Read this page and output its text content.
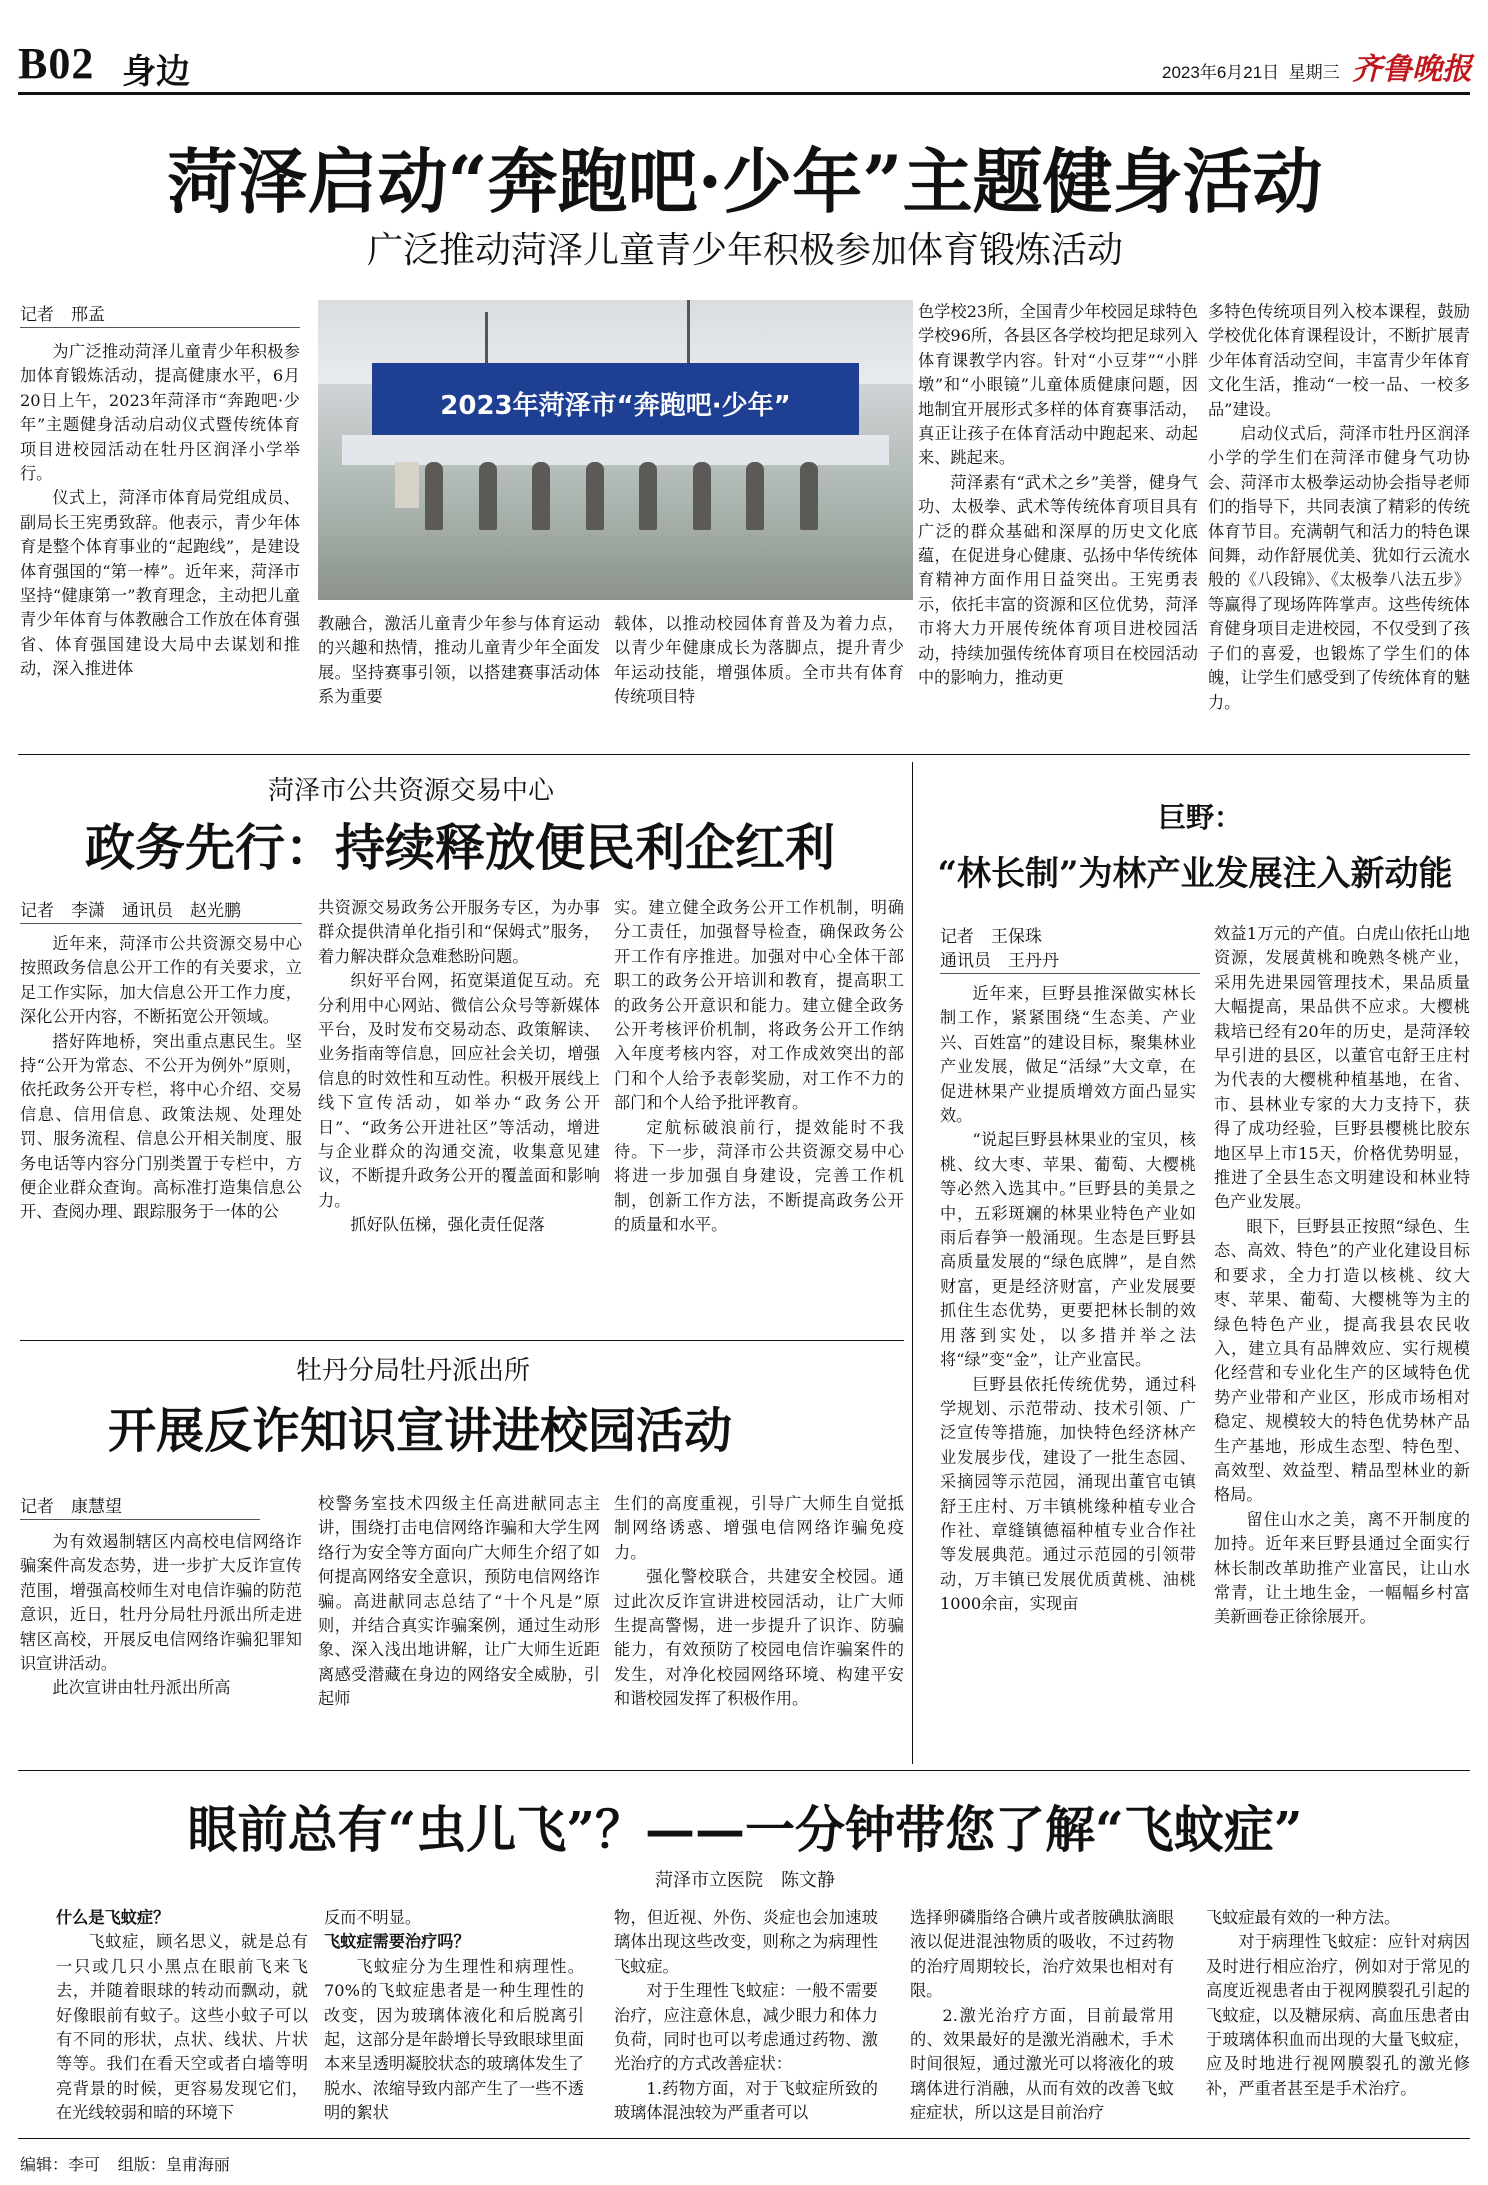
B02 身边	2023年6月21日 星期三 齐鲁晚报
菏泽启动“奔跑吧·少年”主题健身活动
广泛推动菏泽儿童青少年积极参加体育锻炼活动
记者　邢孟

为广泛推动菏泽儿童青少年积极参加体育锻炼活动，提高健康水平，6月20日上午，2023年菏泽市“奔跑吧·少年”主题健身活动启动仪式暨传统体育项目进校园活动在牡丹区润泽小学举行。

仪式上，菏泽市体育局党组成员、副局长王宪勇致辞。他表示，青少年体育是整个体育事业的“起跑线”，是建设体育强国的“第一棒”。近年来，菏泽市坚持“健康第一”教育理念，主动把儿童青少年体育与体教融合工作放在体育强省、体育强国建设大局中去谋划和推动，深入推进体

2023年菏泽市“奔跑吧·少年”

教融合，激活儿童青少年参与体育运动的兴趣和热情，推动儿童青少年全面发展。坚持赛事引领，以搭建赛事活动体系为重要

载体，以推动校园体育普及为着力点，以青少年健康成长为落脚点，提升青少年运动技能，增强体质。全市共有体育传统项目特

色学校23所，全国青少年校园足球特色学校96所，各县区各学校均把足球列入体育课教学内容。针对“小豆芽”“小胖墩”和“小眼镜”儿童体质健康问题，因地制宜开展形式多样的体育赛事活动，真正让孩子在体育活动中跑起来、动起来、跳起来。

菏泽素有“武术之乡”美誉，健身气功、太极拳、武术等传统体育项目具有广泛的群众基础和深厚的历史文化底蕴，在促进身心健康、弘扬中华传统体育精神方面作用日益突出。王宪勇表示，依托丰富的资源和区位优势，菏泽市将大力开展传统体育项目进校园活动，持续加强传统体育项目在校园活动中的影响力，推动更

多特色传统项目列入校本课程，鼓励学校优化体育课程设计，不断扩展青少年体育活动空间，丰富青少年体育文化生活，推动“一校一品、一校多品”建设。

启动仪式后，菏泽市牡丹区润泽小学的学生们在菏泽市健身气功协会、菏泽市太极拳运动协会指导老师们的指导下，共同表演了精彩的传统体育节目。充满朝气和活力的特色课间舞，动作舒展优美、犹如行云流水般的《八段锦》、《太极拳八法五步》等赢得了现场阵阵掌声。这些传统体育健身项目走进校园，不仅受到了孩子们的喜爱，也锻炼了学生们的体魄，让学生们感受到了传统体育的魅力。

菏泽市公共资源交易中心
政务先行：持续释放便民利企红利
记者　李潇　通讯员　赵光鹏

近年来，菏泽市公共资源交易中心按照政务信息公开工作的有关要求，立足工作实际，加大信息公开工作力度，深化公开内容，不断拓宽公开领域。

搭好阵地桥，突出重点惠民生。坚持“公开为常态、不公开为例外”原则，依托政务公开专栏，将中心介绍、交易信息、信用信息、政策法规、处理处罚、服务流程、信息公开相关制度、服务电话等内容分门别类置于专栏中，方便企业群众查询。高标准打造集信息公开、查阅办理、跟踪服务于一体的公

共资源交易政务公开服务专区，为办事群众提供清单化指引和“保姆式”服务，着力解决群众急难愁盼问题。

织好平台网，拓宽渠道促互动。充分利用中心网站、微信公众号等新媒体平台，及时发布交易动态、政策解读、业务指南等信息，回应社会关切，增强信息的时效性和互动性。积极开展线上线下宣传活动，如举办“政务公开日”、“政务公开进社区”等活动，增进与企业群众的沟通交流，收集意见建议，不断提升政务公开的覆盖面和影响力。

抓好队伍梯，强化责任促落

实。建立健全政务公开工作机制，明确分工责任，加强督导检查，确保政务公开工作有序推进。加强对中心全体干部职工的政务公开培训和教育，提高职工的政务公开意识和能力。建立健全政务公开考核评价机制，将政务公开工作纳入年度考核内容，对工作成效突出的部门和个人给予表彰奖励，对工作不力的部门和个人给予批评教育。

定航标破浪前行，提效能时不我待。下一步，菏泽市公共资源交易中心将进一步加强自身建设，完善工作机制，创新工作方法，不断提高政务公开的质量和水平。

牡丹分局牡丹派出所
开展反诈知识宣讲进校园活动
记者　康慧望

为有效遏制辖区内高校电信网络诈骗案件高发态势，进一步扩大反诈宣传范围，增强高校师生对电信诈骗的防范意识，近日，牡丹分局牡丹派出所走进辖区高校，开展反电信网络诈骗犯罪知识宣讲活动。

此次宣讲由牡丹派出所高

校警务室技术四级主任高进献同志主讲，围绕打击电信网络诈骗和大学生网络行为安全等方面向广大师生介绍了如何提高网络安全意识，预防电信网络诈骗。高进献同志总结了“十个凡是”原则，并结合真实诈骗案例，通过生动形象、深入浅出地讲解，让广大师生近距离感受潜藏在身边的网络安全威胁，引起师

生们的高度重视，引导广大师生自觉抵制网络诱惑、增强电信网络诈骗免疫力。

强化警校联合，共建安全校园。通过此次反诈宣讲进校园活动，让广大师生提高警惕，进一步提升了识诈、防骗能力，有效预防了校园电信诈骗案件的发生，对净化校园网络环境、构建平安和谐校园发挥了积极作用。

巨野：
“林长制”为林产业发展注入新动能
记者　王保珠
通讯员　王丹丹

近年来，巨野县推深做实林长制工作，紧紧围绕“生态美、产业兴、百姓富”的建设目标，聚集林业产业发展，做足“活绿”大文章，在促进林果产业提质增效方面凸显实效。

“说起巨野县林果业的宝贝，核桃、纹大枣、苹果、葡萄、大樱桃等必然入选其中。”巨野县的美景之中，五彩斑斓的林果业特色产业如雨后春笋一般涌现。生态是巨野县高质量发展的“绿色底牌”，是自然财富，更是经济财富，产业发展要抓住生态优势，更要把林长制的效用落到实处，以多措并举之法将“绿”变“金”，让产业富民。

巨野县依托传统优势，通过科学规划、示范带动、技术引领、广泛宣传等措施，加快特色经济林产业发展步伐，建设了一批生态园、采摘园等示范园，涌现出董官屯镇舒王庄村、万丰镇桃缘种植专业合作社、章缝镇德福种植专业合作社等发展典范。通过示范园的引领带动，万丰镇已发展优质黄桃、油桃1000余亩，实现亩

效益1万元的产值。白虎山依托山地资源，发展黄桃和晚熟冬桃产业，采用先进果园管理技术，果品质量大幅提高，果品供不应求。大樱桃栽培已经有20年的历史，是菏泽较早引进的县区，以董官屯舒王庄村为代表的大樱桃种植基地，在省、市、县林业专家的大力支持下，获得了成功经验，巨野县樱桃比胶东地区早上市15天，价格优势明显，推进了全县生态文明建设和林业特色产业发展。

眼下，巨野县正按照“绿色、生态、高效、特色”的产业化建设目标和要求，全力打造以核桃、纹大枣、苹果、葡萄、大樱桃等为主的绿色特色产业，提高我县农民收入，建立具有品牌效应、实行规模化经营和专业化生产的区域特色优势产业带和产业区，形成市场相对稳定、规模较大的特色优势林产品生产基地，形成生态型、特色型、高效型、效益型、精品型林业的新格局。

留住山水之美，离不开制度的加持。近年来巨野县通过全面实行林长制改革助推产业富民，让山水常青，让土地生金，一幅幅乡村富美新画卷正徐徐展开。

眼前总有“虫儿飞”？——一分钟带您了解“飞蚊症”
菏泽市立医院　陈文静

什么是飞蚊症？

飞蚊症，顾名思义，就是总有一只或几只小黑点在眼前飞来飞去，并随着眼球的转动而飘动，就好像眼前有蚊子。这些小蚊子可以有不同的形状，点状、线状、片状等等。我们在看天空或者白墙等明亮背景的时候，更容易发现它们，在光线较弱和暗的环境下

反而不明显。

飞蚊症需要治疗吗？

飞蚊症分为生理性和病理性。70%的飞蚊症患者是一种生理性的改变，因为玻璃体液化和后脱离引起，这部分是年龄增长导致眼球里面本来呈透明凝胶状态的玻璃体发生了脱水、浓缩导致内部产生了一些不透明的絮状

物，但近视、外伤、炎症也会加速玻璃体出现这些改变，则称之为病理性飞蚊症。

对于生理性飞蚊症：一般不需要治疗，应注意休息，减少眼力和体力负荷，同时也可以考虑通过药物、激光治疗的方式改善症状：

1.药物方面，对于飞蚊症所致的玻璃体混浊较为严重者可以

选择卵磷脂络合碘片或者胺碘肽滴眼液以促进混浊物质的吸收，不过药物的治疗周期较长，治疗效果也相对有限。

2.激光治疗方面，目前最常用的、效果最好的是激光消融术，手术时间很短，通过激光可以将液化的玻璃体进行消融，从而有效的改善飞蚊症症状，所以这是目前治疗

飞蚊症最有效的一种方法。

对于病理性飞蚊症：应针对病因及时进行相应治疗，例如对于常见的高度近视患者由于视网膜裂孔引起的飞蚊症，以及糖尿病、高血压患者由于玻璃体积血而出现的大量飞蚊症，应及时地进行视网膜裂孔的激光修补，严重者甚至是手术治疗。

编辑：李可 组版：皇甫海丽
